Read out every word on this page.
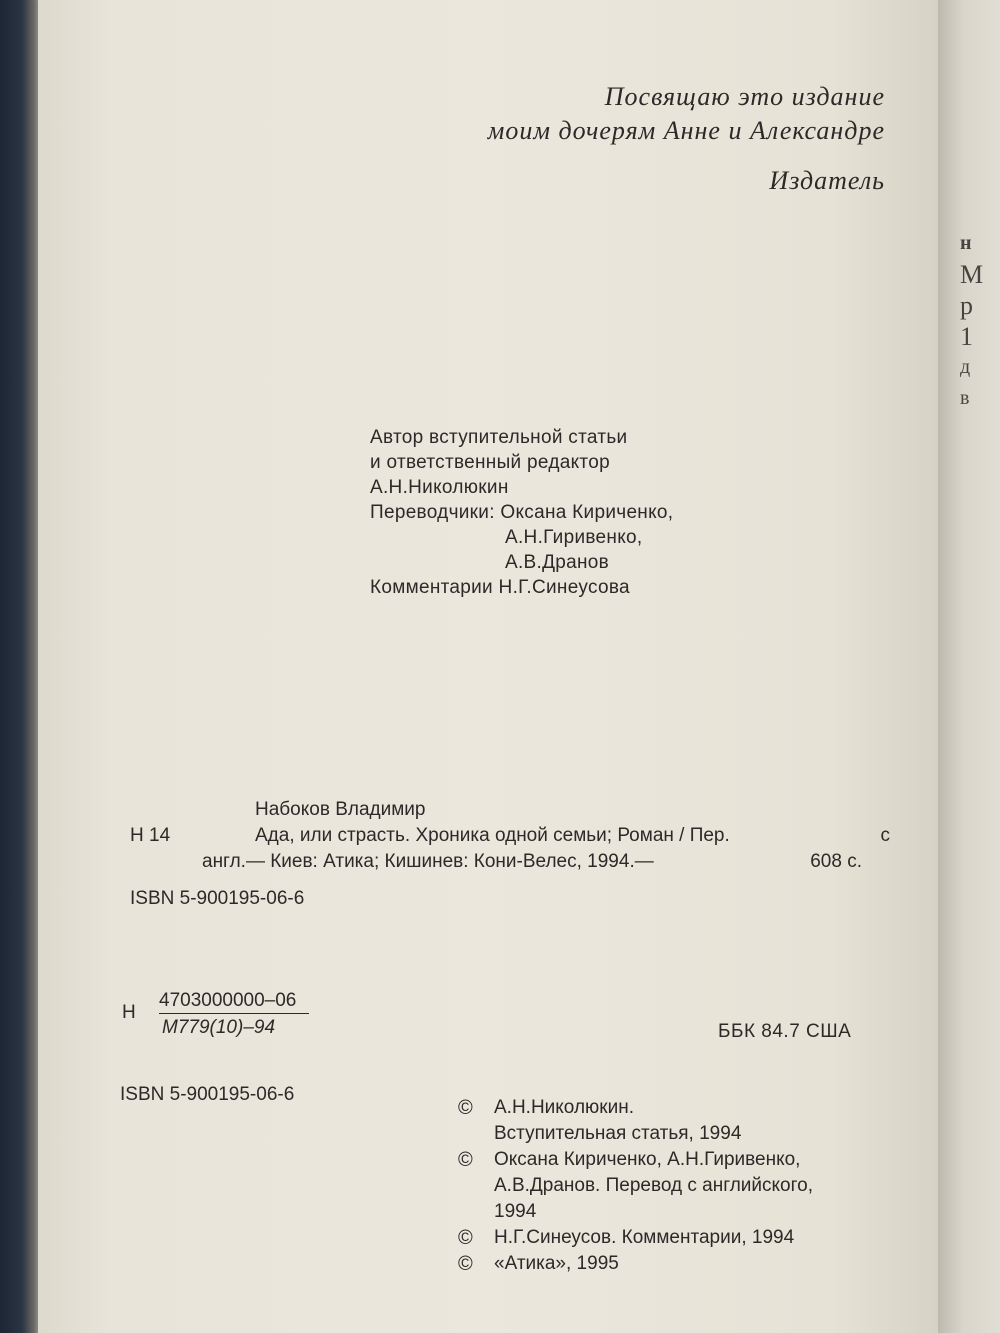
н
М
р
1
д
в
Посвящаю это издание
моим дочерям Анне и Александре
Издатель
Автор вступительной статьи
и ответственный редактор
А.Н.Николюкин
Переводчики: Оксана Кириченко,
А.Н.Гиривенко,
А.В.Дранов
Комментарии Н.Г.Синеусова
Набоков Владимир
Н 14	Ада, или страсть. Хроника одной семьи; Роман / Пер.	с
англ.— Киев: Атика; Кишинев: Кони-Велес, 1994.—	608 с.
ISBN 5-900195-06-6
Н
4703000000–06
М779(10)–94	ББК 84.7 США
ISBN 5-900195-06-6
© А.Н.Николюкин.
Вступительная статья, 1994
© Оксана Кириченко, А.Н.Гиривенко,
А.В.Дранов. Перевод с английского,
1994
© Н.Г.Синеусов. Комментарии, 1994
© «Атика», 1995
